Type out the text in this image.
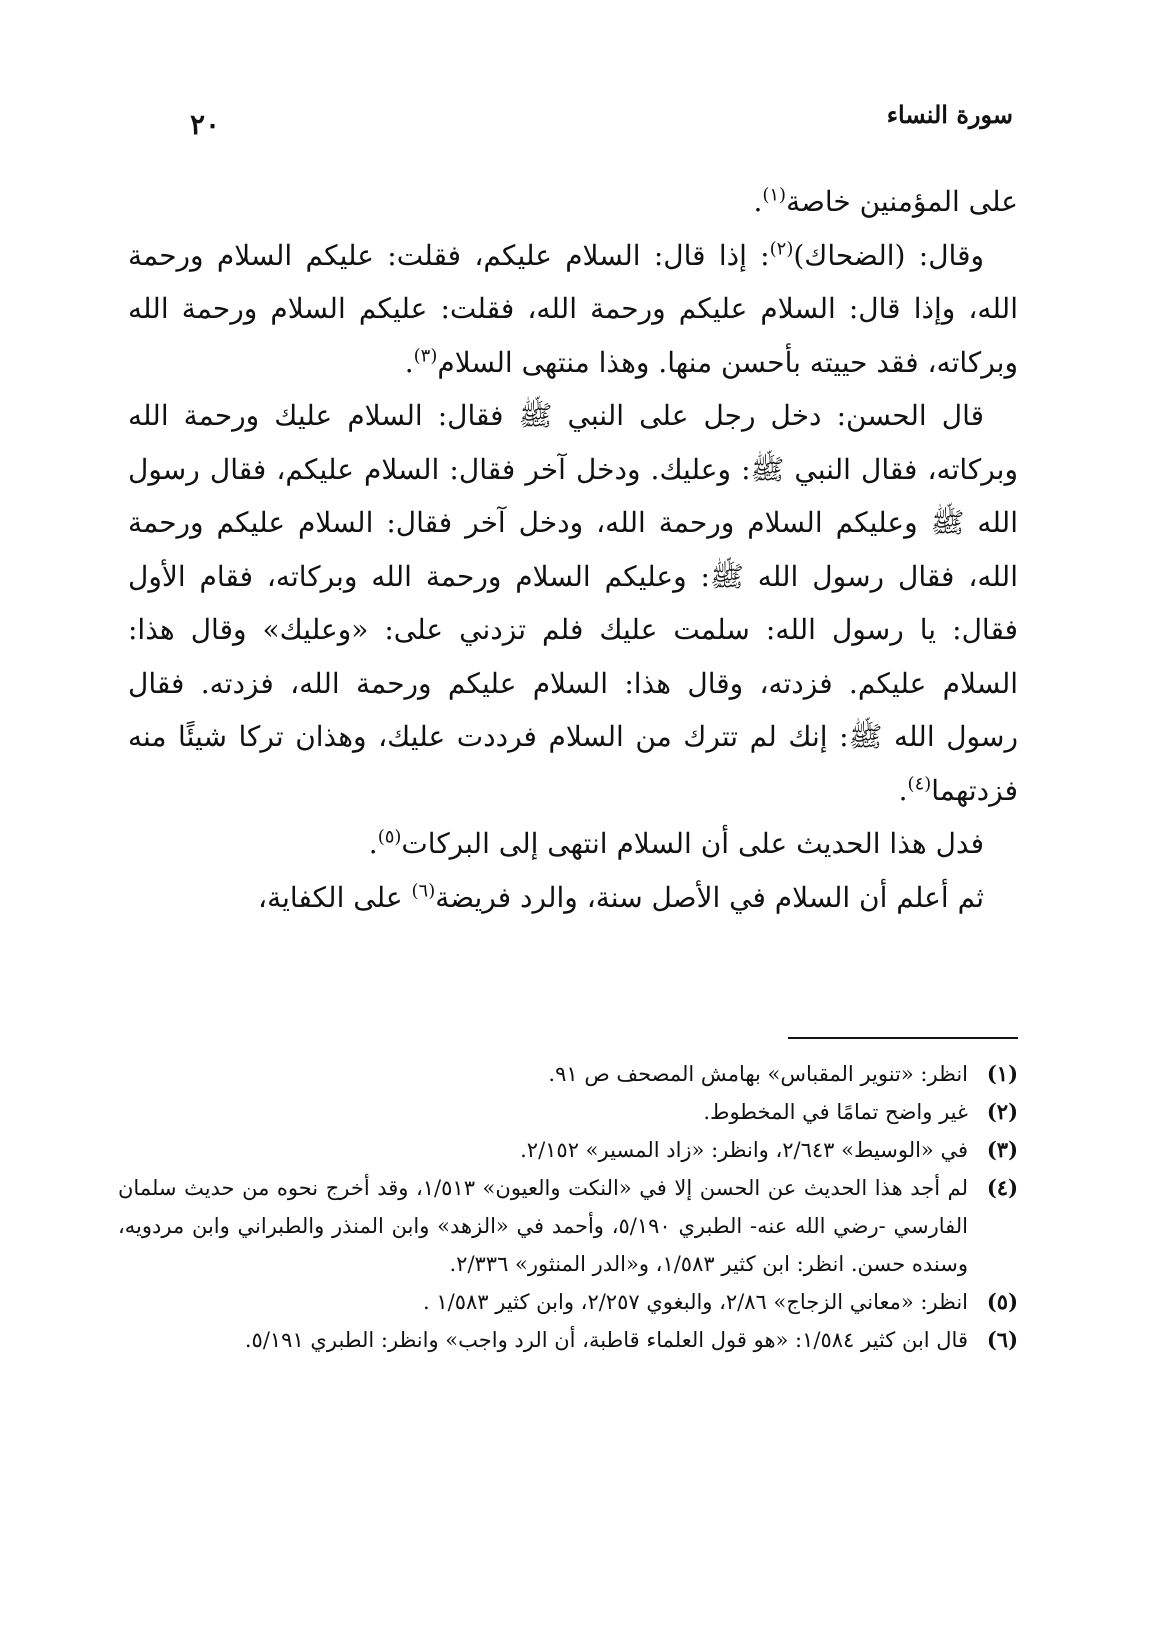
سورة النساء
٢٠

على المؤمنين خاصة$^{(١)}$.

وقال: (الضحاك)$^{(٢)}$: إذا قال: السلام عليكم، فقلت: عليكم السلام ورحمة الله، وإذا قال: السلام عليكم ورحمة الله، فقلت: عليكم السلام ورحمة الله وبركاته، فقد حييته بأحسن منها. وهذا منتهى السلام$^{(٣)}$.

قال الحسن: دخل رجل على النبي ﷺ فقال: السلام عليك ورحمة الله وبركاته، فقال النبي ﷺ: وعليك. ودخل آخر فقال: السلام عليكم، فقال رسول الله ﷺ وعليكم السلام ورحمة الله، ودخل آخر فقال: السلام عليكم ورحمة الله، فقال رسول الله ﷺ: وعليكم السلام ورحمة الله وبركاته، فقام الأول فقال: يا رسول الله: سلمت عليك فلم تزدني على: «وعليك» وقال هذا: السلام عليكم. فزدته، وقال هذا: السلام عليكم ورحمة الله، فزدته. فقال رسول الله ﷺ: إنك لم تترك من السلام فرددت عليك، وهذان تركا شيئًا منه فزدتهما$^{(٤)}$.

فدل هذا الحديث على أن السلام انتهى إلى البركات$^{(٥)}$.

ثم أعلم أن السلام في الأصل سنة، والرد فريضة$^{(٦)}$ على الكفاية،

(١)
انظر: «تنوير المقباس» بهامش المصحف ص ٩١.
(٢)
غير واضح تمامًا في المخطوط.
(٣)
في «الوسيط» ٢/٦٤٣، وانظر: «زاد المسير» ٢/١٥٢.
(٤)
لم أجد هذا الحديث عن الحسن إلا في «النكت والعيون» ١/٥١٣، وقد أخرج نحوه من حديث سلمان الفارسي -رضي الله عنه- الطبري ٥/١٩٠، وأحمد في «الزهد» وابن المنذر والطبراني وابن مردويه، وسنده حسن. انظر: ابن كثير ١/٥٨٣، و«الدر المنثور» ٢/٣٣٦.
(٥)
انظر: «معاني الزجاج» ٢/٨٦، والبغوي ٢/٢٥٧، وابن كثير ١/٥٨٣ .
(٦)
قال ابن كثير ١/٥٨٤: «هو قول العلماء قاطبة، أن الرد واجب» وانظر: الطبري ٥/١٩١.
